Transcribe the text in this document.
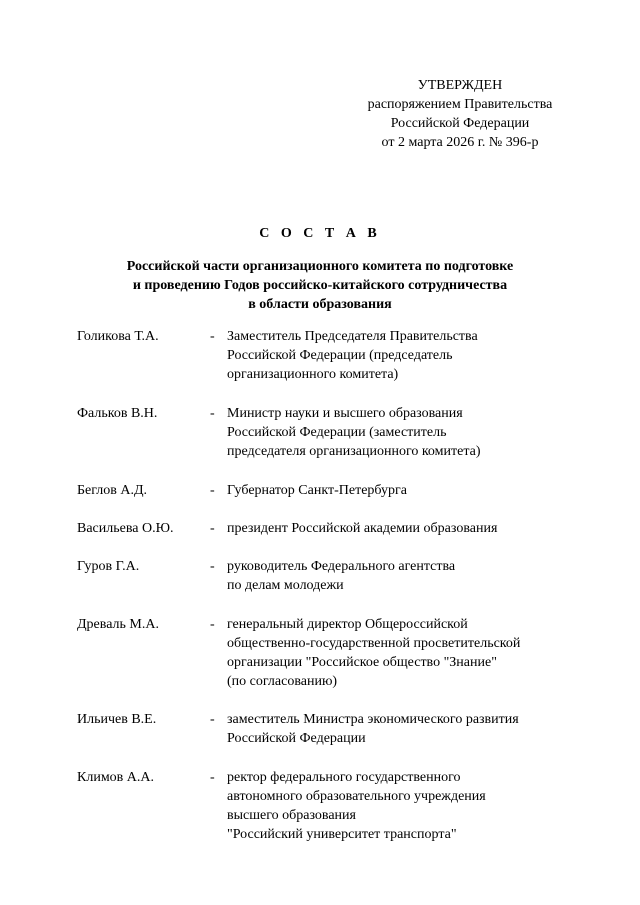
УТВЕРЖДЕН
распоряжением Правительства
Российской Федерации
от 2 марта 2026 г. № 396-р
С О С Т А В
Российской части организационного комитета по подготовке
и проведению Годов российско-китайского сотрудничества
в области образования
Голикова Т.А.	- Заместитель Председателя Правительства
Российской Федерации (председатель
организационного комитета)
Фальков В.Н.	- Министр науки и высшего образования
Российской Федерации (заместитель
председателя организационного комитета)
Беглов А.Д.	- Губернатор Санкт-Петербурга
Васильева О.Ю.	- президент Российской академии образования
Гуров Г.А.	- руководитель Федерального агентства
по делам молодежи
Древаль М.А.	- генеральный директор Общероссийской
общественно-государственной просветительской
организации "Российское общество "Знание"
(по согласованию)
Ильичев В.Е.	- заместитель Министра экономического развития
Российской Федерации
Климов А.А.	- ректор федерального государственного
автономного образовательного учреждения
высшего образования
"Российский университет транспорта"
